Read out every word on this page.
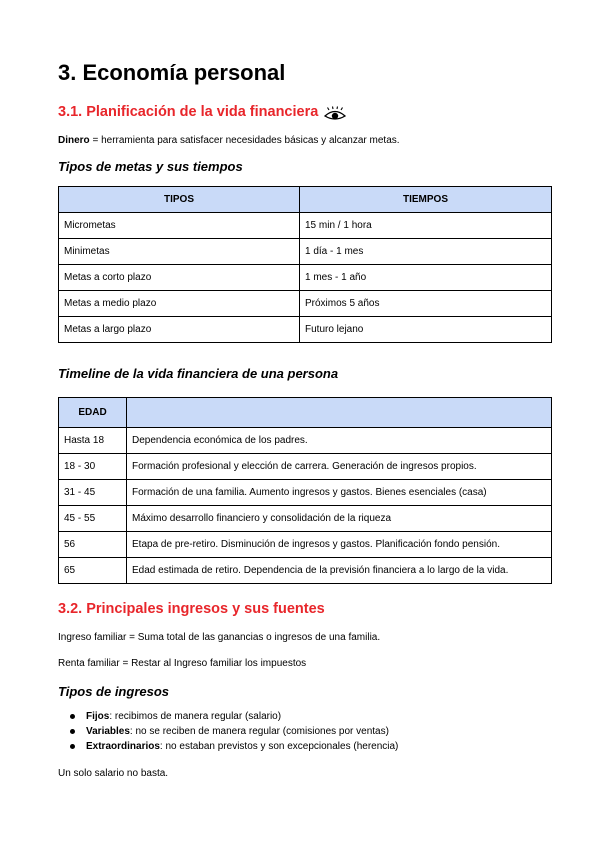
3. Economía personal
3.1. Planificación de la vida financiera

Dinero = herramienta para satisfacer necesidades básicas y alcanzar metas.

Tipos de metas y sus tiempos
TIPOS	TIEMPOS
Micrometas	15 min / 1 hora
Minimetas	1 día - 1 mes
Metas a corto plazo	1 mes - 1 año
Metas a medio plazo	Próximos 5 años
Metas a largo plazo	Futuro lejano
Timeline de la vida financiera de una persona
EDAD	
Hasta 18	Dependencia económica de los padres.
18 - 30	Formación profesional y elección de carrera. Generación de ingresos propios.
31 - 45	Formación de una familia. Aumento ingresos y gastos. Bienes esenciales (casa)
45 - 55	Máximo desarrollo financiero y consolidación de la riqueza
56	Etapa de pre-retiro. Disminución de ingresos y gastos. Planificación fondo pensión.
65	Edad estimada de retiro. Dependencia de la previsión financiera a lo largo de la vida.
3.2. Principales ingresos y sus fuentes

Ingreso familiar = Suma total de las ganancias o ingresos de una familia.

Renta familiar = Restar al Ingreso familiar los impuestos

Tipos de ingresos
Fijos: recibimos de manera regular (salario)
Variables: no se reciben de manera regular (comisiones por ventas)
Extraordinarios: no estaban previstos y son excepcionales (herencia)

Un solo salario no basta.
